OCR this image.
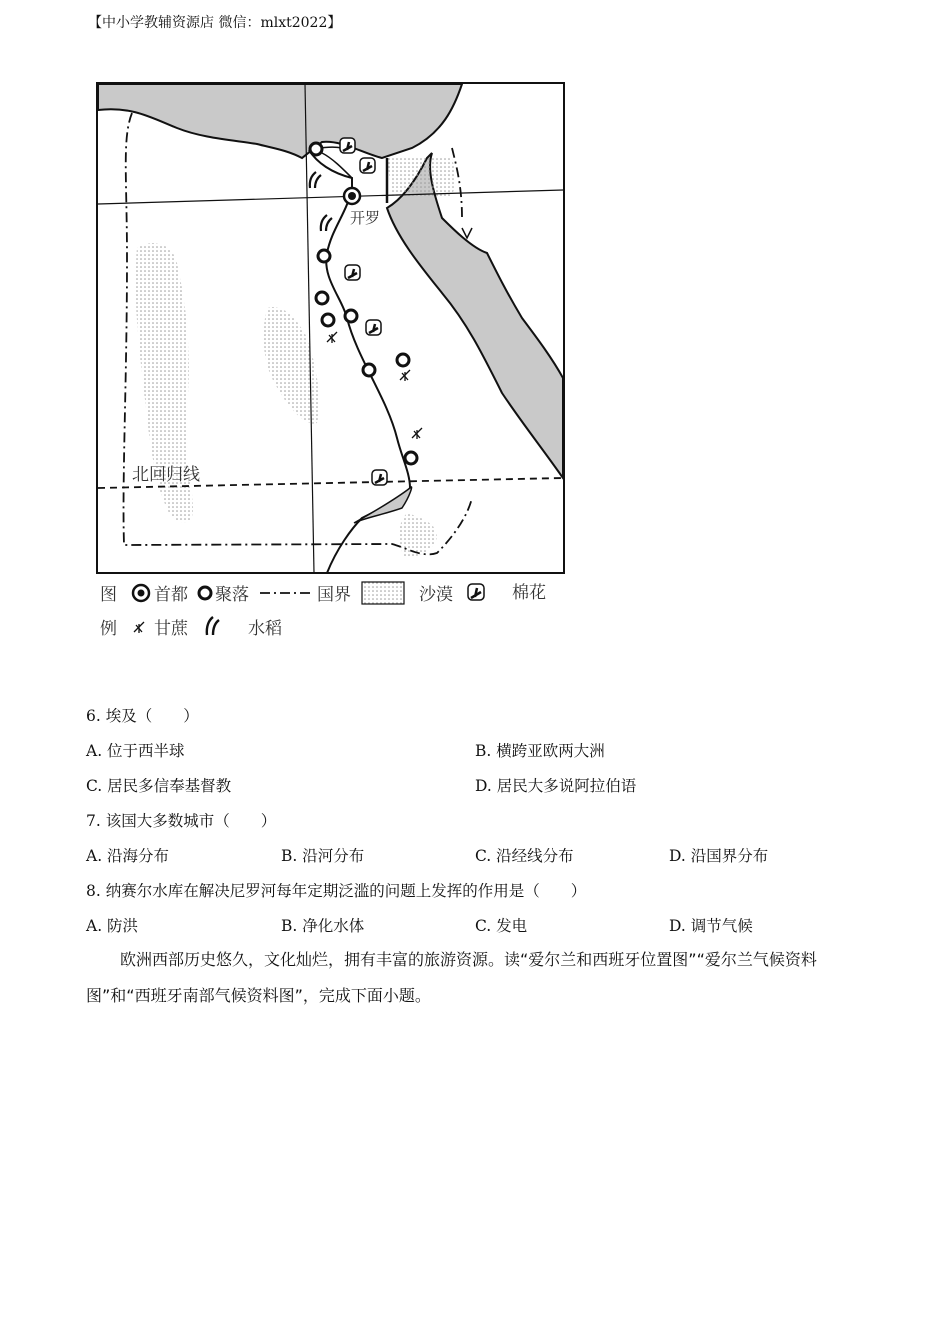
【中小学教辅资源店 微信：mlxt2022】
北回归线
开罗
图
例
首都 聚落	国界	沙漠	棉花
甘蔗	水稻
6. 埃及（　　）
A. 位于西半球	B. 横跨亚欧两大洲
C. 居民多信奉基督教	D. 居民大多说阿拉伯语
7. 该国大多数城市（　　）
A. 沿海分布	B. 沿河分布	C. 沿经线分布	D. 沿国界分布
8. 纳赛尔水库在解决尼罗河每年定期泛滥的问题上发挥的作用是（　　）
A. 防洪	B. 净化水体	C. 发电	D. 调节气候
欧洲西部历史悠久，文化灿烂，拥有丰富的旅游资源。读“爱尔兰和西班牙位置图”“爱尔兰气候资料图”和“西班牙南部气候资料图”，完成下面小题。
